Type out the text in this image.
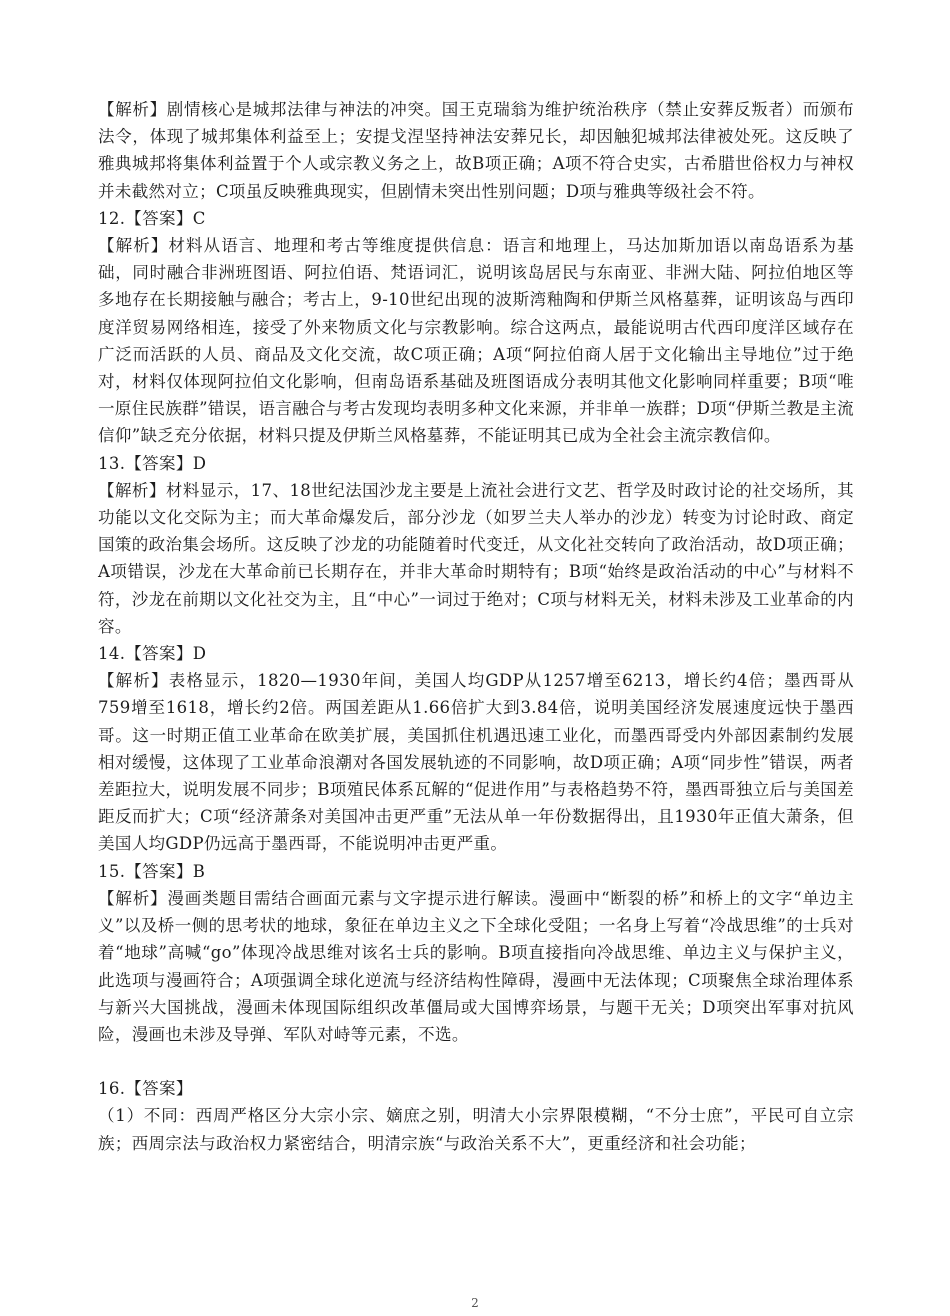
【解析】剧情核心是城邦法律与神法的冲突。国王克瑞翁为维护统治秩序（禁止安葬反叛者）而颁布法令，体现了城邦集体利益至上；安提戈涅坚持神法安葬兄长，却因触犯城邦法律被处死。这反映了雅典城邦将集体利益置于个人或宗教义务之上，故B项正确；A项不符合史实，古希腊世俗权力与神权并未截然对立；C项虽反映雅典现实，但剧情未突出性别问题；D项与雅典等级社会不符。

12.【答案】C

【解析】材料从语言、地理和考古等维度提供信息：语言和地理上，马达加斯加语以南岛语系为基础，同时融合非洲班图语、阿拉伯语、梵语词汇，说明该岛居民与东南亚、非洲大陆、阿拉伯地区等多地存在长期接触与融合；考古上，9-10世纪出现的波斯湾釉陶和伊斯兰风格墓葬，证明该岛与西印度洋贸易网络相连，接受了外来物质文化与宗教影响。综合这两点，最能说明古代西印度洋区域存在广泛而活跃的人员、商品及文化交流，故C项正确；A项“阿拉伯商人居于文化输出主导地位”过于绝对，材料仅体现阿拉伯文化影响，但南岛语系基础及班图语成分表明其他文化影响同样重要；B项“唯一原住民族群”错误，语言融合与考古发现均表明多种文化来源，并非单一族群；D项“伊斯兰教是主流信仰”缺乏充分依据，材料只提及伊斯兰风格墓葬，不能证明其已成为全社会主流宗教信仰。

13.【答案】D

【解析】材料显示，17、18世纪法国沙龙主要是上流社会进行文艺、哲学及时政讨论的社交场所，其功能以文化交际为主；而大革命爆发后，部分沙龙（如罗兰夫人举办的沙龙）转变为讨论时政、商定国策的政治集会场所。这反映了沙龙的功能随着时代变迁，从文化社交转向了政治活动，故D项正确；A项错误，沙龙在大革命前已长期存在，并非大革命时期特有；B项“始终是政治活动的中心”与材料不符，沙龙在前期以文化社交为主，且“中心”一词过于绝对；C项与材料无关，材料未涉及工业革命的内容。

14.【答案】D

【解析】表格显示，1820—1930年间，美国人均GDP从1257增至6213，增长约4倍；墨西哥从759增至1618，增长约2倍。两国差距从1.66倍扩大到3.84倍，说明美国经济发展速度远快于墨西哥。这一时期正值工业革命在欧美扩展，美国抓住机遇迅速工业化，而墨西哥受内外部因素制约发展相对缓慢，这体现了工业革命浪潮对各国发展轨迹的不同影响，故D项正确；A项“同步性”错误，两者差距拉大，说明发展不同步；B项殖民体系瓦解的“促进作用”与表格趋势不符，墨西哥独立后与美国差距反而扩大；C项“经济萧条对美国冲击更严重”无法从单一年份数据得出，且1930年正值大萧条，但美国人均GDP仍远高于墨西哥，不能说明冲击更严重。

15.【答案】B

【解析】漫画类题目需结合画面元素与文字提示进行解读。漫画中“断裂的桥”和桥上的文字“单边主义”以及桥一侧的思考状的地球，象征在单边主义之下全球化受阻；一名身上写着“冷战思维”的士兵对着“地球”高喊“go”体现冷战思维对该名士兵的影响。B项直接指向冷战思维、单边主义与保护主义，此选项与漫画符合；A项强调全球化逆流与经济结构性障碍，漫画中无法体现；C项聚焦全球治理体系与新兴大国挑战，漫画未体现国际组织改革僵局或大国博弈场景，与题干无关；D项突出军事对抗风险，漫画也未涉及导弹、军队对峙等元素，不选。

16.【答案】

（1）不同：西周严格区分大宗小宗、嫡庶之别，明清大小宗界限模糊，“不分士庶”，平民可自立宗族；西周宗法与政治权力紧密结合，明清宗族“与政治关系不大”，更重经济和社会功能；

2
